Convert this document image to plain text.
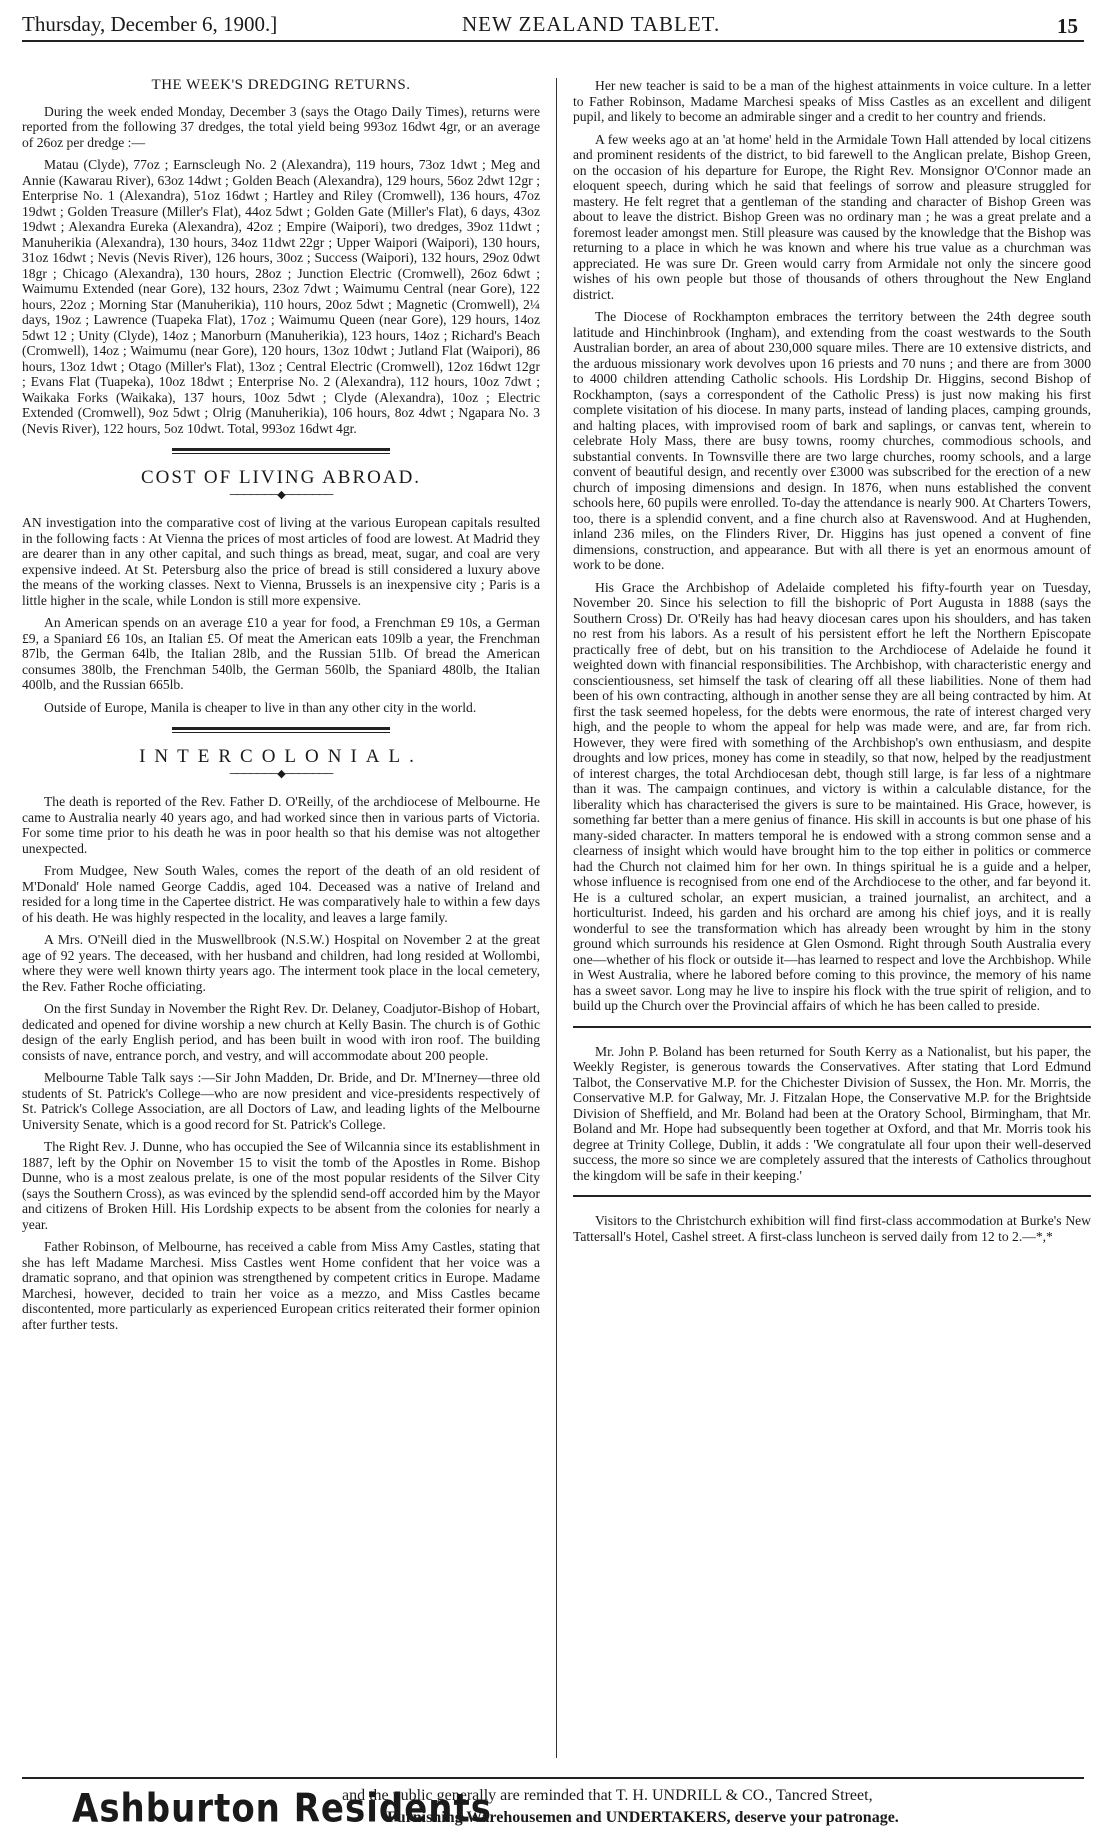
Thursday, December 6, 1900.]	NEW ZEALAND TABLET.	15
THE WEEK'S DREDGING RETURNS.

During the week ended Monday, December 3 (says the Otago Daily Times), returns were reported from the following 37 dredges, the total yield being 993oz 16dwt 4gr, or an average of 26oz per dredge :—

Matau (Clyde), 77oz ; Earnscleugh No. 2 (Alexandra), 119 hours, 73oz 1dwt ; Meg and Annie (Kawarau River), 63oz 14dwt ; Golden Beach (Alexandra), 129 hours, 56oz 2dwt 12gr ; Enterprise No. 1 (Alexandra), 51oz 16dwt ; Hartley and Riley (Cromwell), 136 hours, 47oz 19dwt ; Golden Treasure (Miller's Flat), 44oz 5dwt ; Golden Gate (Miller's Flat), 6 days, 43oz 19dwt ; Alexandra Eureka (Alexandra), 42oz ; Empire (Waipori), two dredges, 39oz 11dwt ; Manuherikia (Alexandra), 130 hours, 34oz 11dwt 22gr ; Upper Waipori (Waipori), 130 hours, 31oz 16dwt ; Nevis (Nevis River), 126 hours, 30oz ; Success (Waipori), 132 hours, 29oz 0dwt 18gr ; Chicago (Alexandra), 130 hours, 28oz ; Junction Electric (Cromwell), 26oz 6dwt ; Waimumu Extended (near Gore), 132 hours, 23oz 7dwt ; Waimumu Central (near Gore), 122 hours, 22oz ; Morning Star (Manuherikia), 110 hours, 20oz 5dwt ; Magnetic (Cromwell), 2¼ days, 19oz ; Lawrence (Tuapeka Flat), 17oz ; Waimumu Queen (near Gore), 129 hours, 14oz 5dwt 12 ; Unity (Clyde), 14oz ; Manorburn (Manuherikia), 123 hours, 14oz ; Richard's Beach (Cromwell), 14oz ; Waimumu (near Gore), 120 hours, 13oz 10dwt ; Jutland Flat (Waipori), 86 hours, 13oz 1dwt ; Otago (Miller's Flat), 13oz ; Central Electric (Cromwell), 12oz 16dwt 12gr ; Evans Flat (Tuapeka), 10oz 18dwt ; Enterprise No. 2 (Alexandra), 112 hours, 10oz 7dwt ; Waikaka Forks (Waikaka), 137 hours, 10oz 5dwt ; Clyde (Alexandra), 10oz ; Electric Extended (Cromwell), 9oz 5dwt ; Olrig (Manuherikia), 106 hours, 8oz 4dwt ; Ngapara No. 3 (Nevis River), 122 hours, 5oz 10dwt. Total, 993oz 16dwt 4gr.

COST OF LIVING ABROAD.
───────◆───────

AN investigation into the comparative cost of living at the various European capitals resulted in the following facts : At Vienna the prices of most articles of food are lowest. At Madrid they are dearer than in any other capital, and such things as bread, meat, sugar, and coal are very expensive indeed. At St. Petersburg also the price of bread is still considered a luxury above the means of the working classes. Next to Vienna, Brussels is an inexpensive city ; Paris is a little higher in the scale, while London is still more expensive.

An American spends on an average £10 a year for food, a Frenchman £9 10s, a German £9, a Spaniard £6 10s, an Italian £5. Of meat the American eats 109lb a year, the Frenchman 87lb, the German 64lb, the Italian 28lb, and the Russian 51lb. Of bread the American consumes 380lb, the Frenchman 540lb, the German 560lb, the Spaniard 480lb, the Italian 400lb, and the Russian 665lb.

Outside of Europe, Manila is cheaper to live in than any other city in the world.

INTERCOLONIAL.
───────◆───────

The death is reported of the Rev. Father D. O'Reilly, of the archdiocese of Melbourne. He came to Australia nearly 40 years ago, and had worked since then in various parts of Victoria. For some time prior to his death he was in poor health so that his demise was not altogether unexpected.

From Mudgee, New South Wales, comes the report of the death of an old resident of M'Donald' Hole named George Caddis, aged 104. Deceased was a native of Ireland and resided for a long time in the Capertee district. He was comparatively hale to within a few days of his death. He was highly respected in the locality, and leaves a large family.

A Mrs. O'Neill died in the Muswellbrook (N.S.W.) Hospital on November 2 at the great age of 92 years. The deceased, with her husband and children, had long resided at Wollombi, where they were well known thirty years ago. The interment took place in the local cemetery, the Rev. Father Roche officiating.

On the first Sunday in November the Right Rev. Dr. Delaney, Coadjutor-Bishop of Hobart, dedicated and opened for divine worship a new church at Kelly Basin. The church is of Gothic design of the early English period, and has been built in wood with iron roof. The building consists of nave, entrance porch, and vestry, and will accommodate about 200 people.

Melbourne Table Talk says :—Sir John Madden, Dr. Bride, and Dr. M'Inerney—three old students of St. Patrick's College—who are now president and vice-presidents respectively of St. Patrick's College Association, are all Doctors of Law, and leading lights of the Melbourne University Senate, which is a good record for St. Patrick's College.

The Right Rev. J. Dunne, who has occupied the See of Wilcannia since its establishment in 1887, left by the Ophir on November 15 to visit the tomb of the Apostles in Rome. Bishop Dunne, who is a most zealous prelate, is one of the most popular residents of the Silver City (says the Southern Cross), as was evinced by the splendid send-off accorded him by the Mayor and citizens of Broken Hill. His Lordship expects to be absent from the colonies for nearly a year.

Father Robinson, of Melbourne, has received a cable from Miss Amy Castles, stating that she has left Madame Marchesi. Miss Castles went Home confident that her voice was a dramatic soprano, and that opinion was strengthened by competent critics in Europe. Madame Marchesi, however, decided to train her voice as a mezzo, and Miss Castles became discontented, more particularly as experienced European critics reiterated their former opinion after further tests.

Her new teacher is said to be a man of the highest attainments in voice culture. In a letter to Father Robinson, Madame Marchesi speaks of Miss Castles as an excellent and diligent pupil, and likely to become an admirable singer and a credit to her country and friends.

A few weeks ago at an 'at home' held in the Armidale Town Hall attended by local citizens and prominent residents of the district, to bid farewell to the Anglican prelate, Bishop Green, on the occasion of his departure for Europe, the Right Rev. Monsignor O'Connor made an eloquent speech, during which he said that feelings of sorrow and pleasure struggled for mastery. He felt regret that a gentleman of the standing and character of Bishop Green was about to leave the district. Bishop Green was no ordinary man ; he was a great prelate and a foremost leader amongst men. Still pleasure was caused by the knowledge that the Bishop was returning to a place in which he was known and where his true value as a churchman was appreciated. He was sure Dr. Green would carry from Armidale not only the sincere good wishes of his own people but those of thousands of others throughout the New England district.

The Diocese of Rockhampton embraces the territory between the 24th degree south latitude and Hinchinbrook (Ingham), and extending from the coast westwards to the South Australian border, an area of about 230,000 square miles. There are 10 extensive districts, and the arduous missionary work devolves upon 16 priests and 70 nuns ; and there are from 3000 to 4000 children attending Catholic schools. His Lordship Dr. Higgins, second Bishop of Rockhampton, (says a correspondent of the Catholic Press) is just now making his first complete visitation of his diocese. In many parts, instead of landing places, camping grounds, and halting places, with improvised room of bark and saplings, or canvas tent, wherein to celebrate Holy Mass, there are busy towns, roomy churches, commodious schools, and substantial convents. In Townsville there are two large churches, roomy schools, and a large convent of beautiful design, and recently over £3000 was subscribed for the erection of a new church of imposing dimensions and design. In 1876, when nuns established the convent schools here, 60 pupils were enrolled. To-day the attendance is nearly 900. At Charters Towers, too, there is a splendid convent, and a fine church also at Ravenswood. And at Hughenden, inland 236 miles, on the Flinders River, Dr. Higgins has just opened a convent of fine dimensions, construction, and appearance. But with all there is yet an enormous amount of work to be done.

His Grace the Archbishop of Adelaide completed his fifty-fourth year on Tuesday, November 20. Since his selection to fill the bishopric of Port Augusta in 1888 (says the Southern Cross) Dr. O'Reily has had heavy diocesan cares upon his shoulders, and has taken no rest from his labors. As a result of his persistent effort he left the Northern Episcopate practically free of debt, but on his transition to the Archdiocese of Adelaide he found it weighted down with financial responsibilities. The Archbishop, with characteristic energy and conscientiousness, set himself the task of clearing off all these liabilities. None of them had been of his own contracting, although in another sense they are all being contracted by him. At first the task seemed hopeless, for the debts were enormous, the rate of interest charged very high, and the people to whom the appeal for help was made were, and are, far from rich. However, they were fired with something of the Archbishop's own enthusiasm, and despite droughts and low prices, money has come in steadily, so that now, helped by the readjustment of interest charges, the total Archdiocesan debt, though still large, is far less of a nightmare than it was. The campaign continues, and victory is within a calculable distance, for the liberality which has characterised the givers is sure to be maintained. His Grace, however, is something far better than a mere genius of finance. His skill in accounts is but one phase of his many-sided character. In matters temporal he is endowed with a strong common sense and a clearness of insight which would have brought him to the top either in politics or commerce had the Church not claimed him for her own. In things spiritual he is a guide and a helper, whose influence is recognised from one end of the Archdiocese to the other, and far beyond it. He is a cultured scholar, an expert musician, a trained journalist, an architect, and a horticulturist. Indeed, his garden and his orchard are among his chief joys, and it is really wonderful to see the transformation which has already been wrought by him in the stony ground which surrounds his residence at Glen Osmond. Right through South Australia every one—whether of his flock or outside it—has learned to respect and love the Archbishop. While in West Australia, where he labored before coming to this province, the memory of his name has a sweet savor. Long may he live to inspire his flock with the true spirit of religion, and to build up the Church over the Provincial affairs of which he has been called to preside.

Mr. John P. Boland has been returned for South Kerry as a Nationalist, but his paper, the Weekly Register, is generous towards the Conservatives. After stating that Lord Edmund Talbot, the Conservative M.P. for the Chichester Division of Sussex, the Hon. Mr. Morris, the Conservative M.P. for Galway, Mr. J. Fitzalan Hope, the Conservative M.P. for the Brightside Division of Sheffield, and Mr. Boland had been at the Oratory School, Birmingham, that Mr. Boland and Mr. Hope had subsequently been together at Oxford, and that Mr. Morris took his degree at Trinity College, Dublin, it adds : 'We congratulate all four upon their well-deserved success, the more so since we are completely assured that the interests of Catholics throughout the kingdom will be safe in their keeping.'

Visitors to the Christchurch exhibition will find first-class accommodation at Burke's New Tattersall's Hotel, Cashel street. A first-class luncheon is served daily from 12 to 2.—*,*

Ashburton Residents
and the public generally are reminded that T. H. UNDRILL & CO., Tancred Street,
Furnishing Warehousemen and UNDERTAKERS, deserve your patronage.
